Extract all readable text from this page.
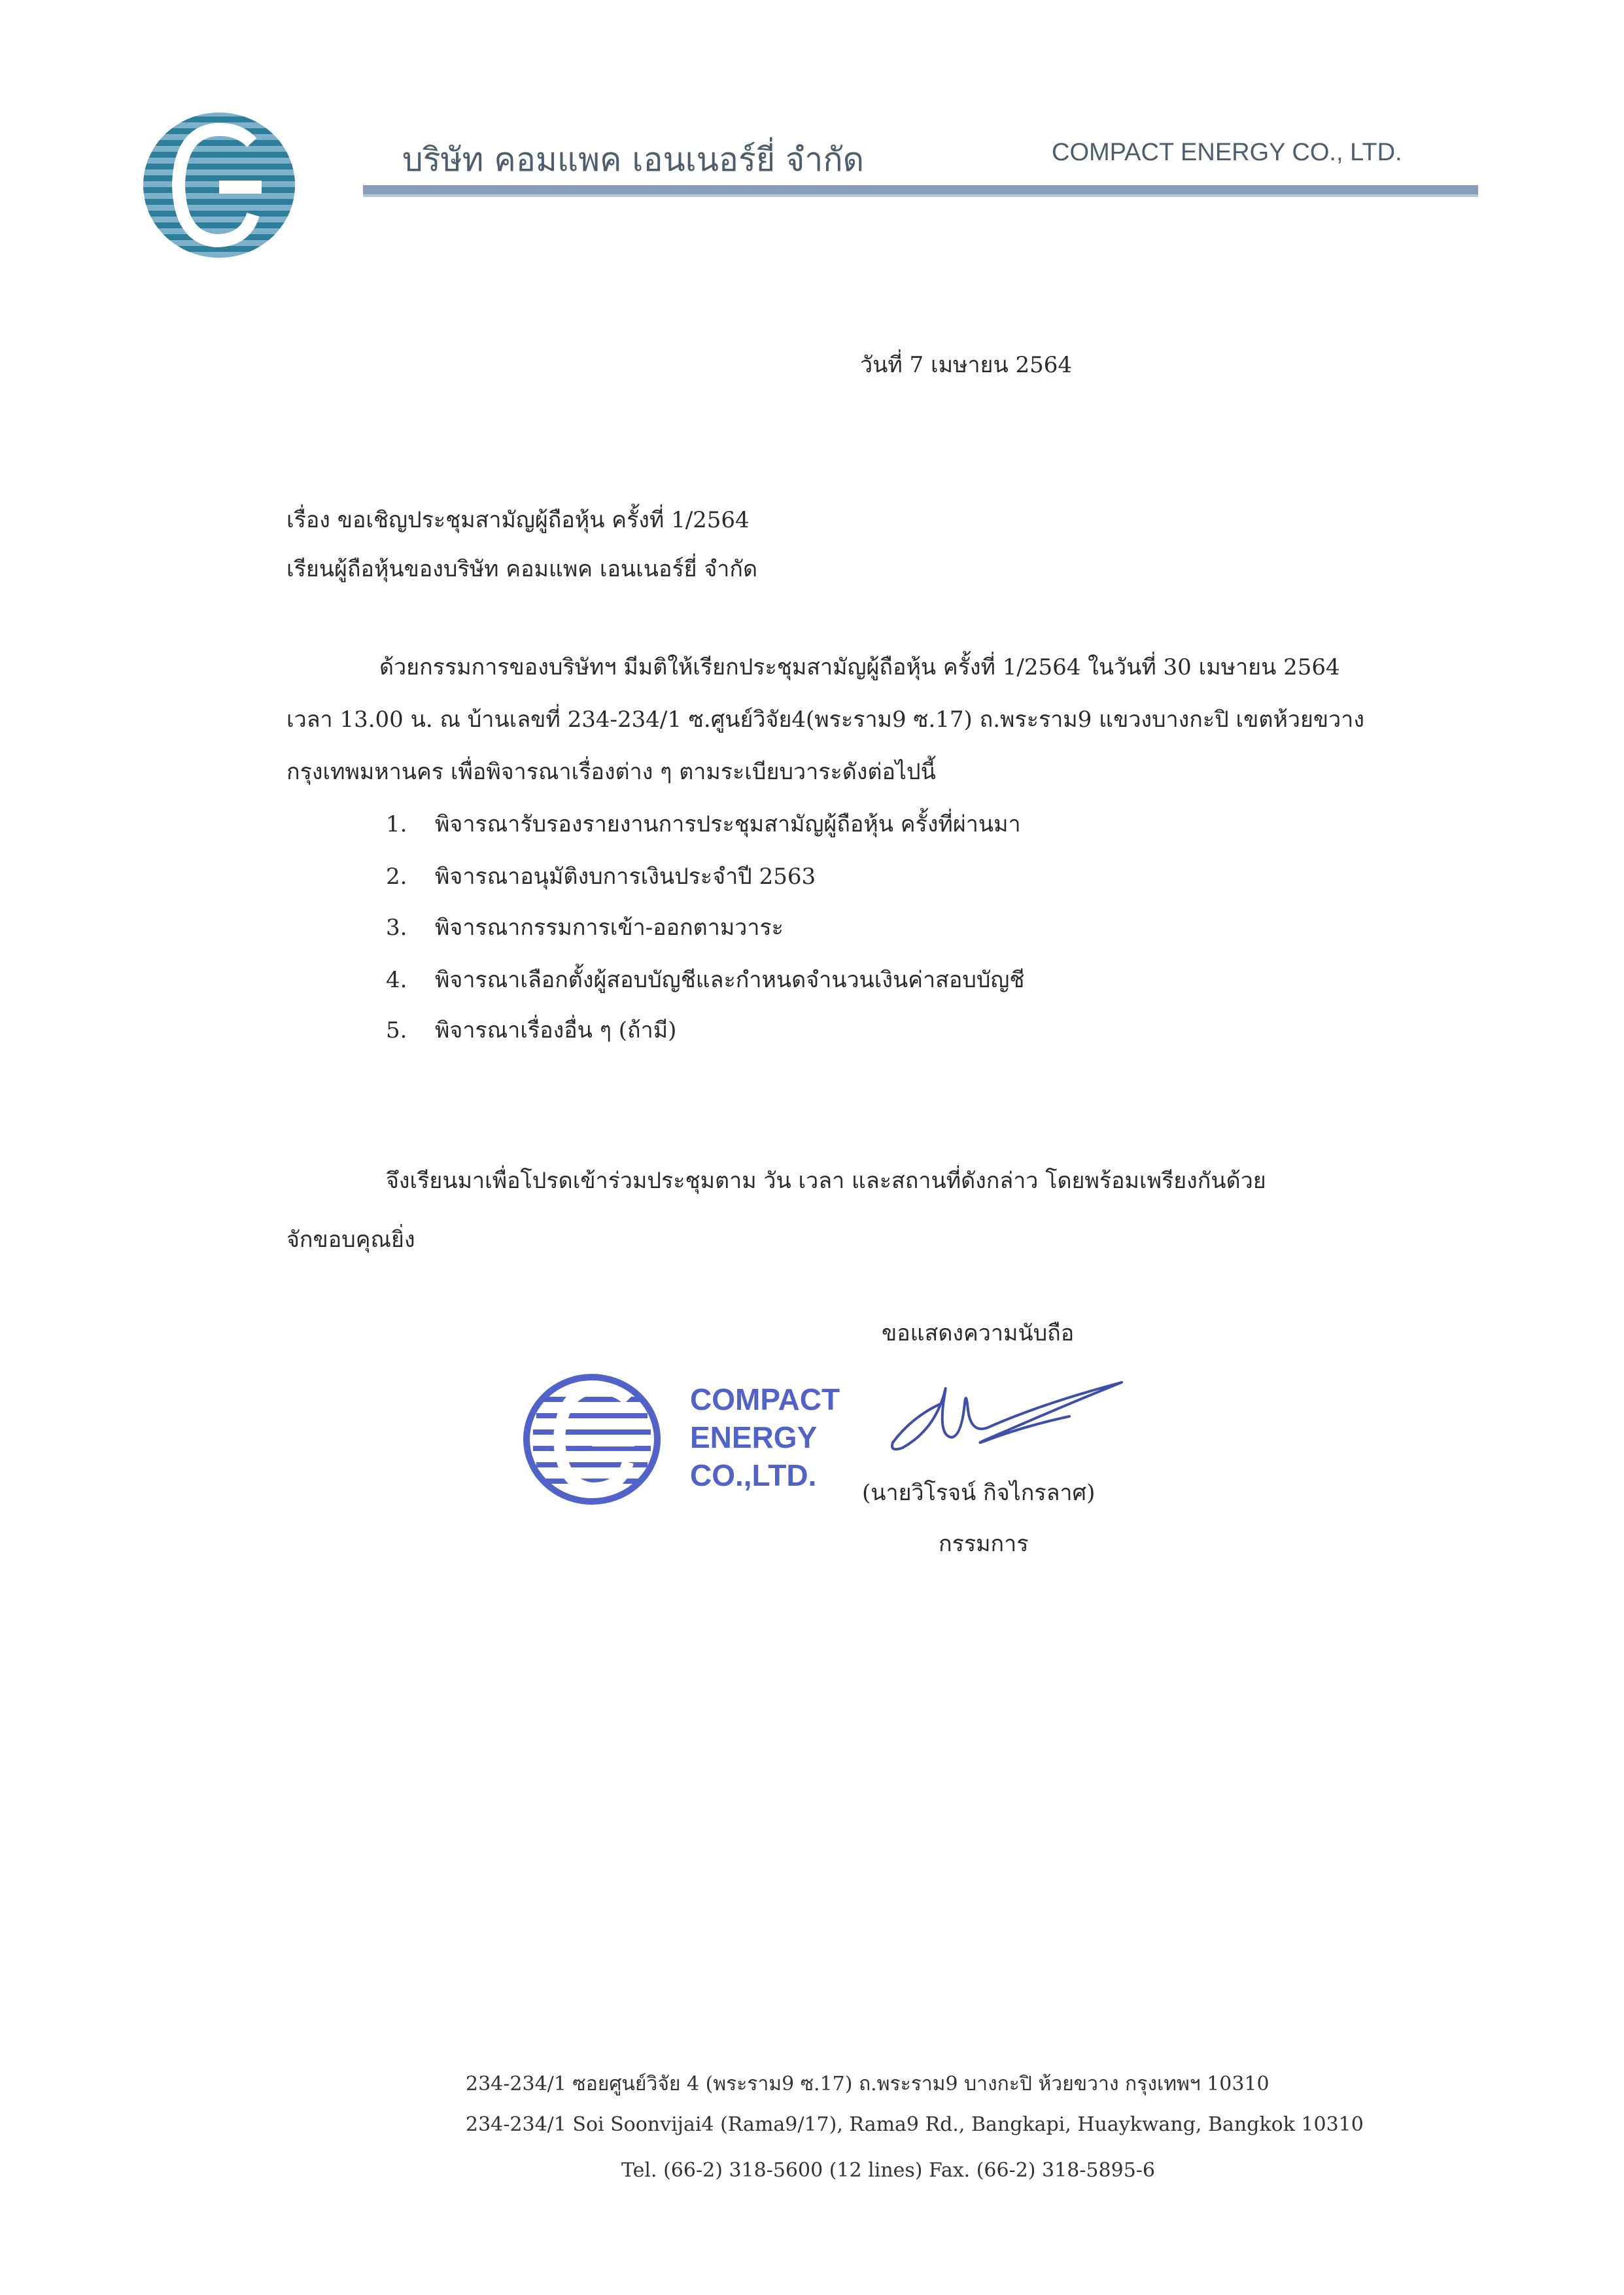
บริษัท คอมแพค เอนเนอร์ยี่ จำกัด	COMPACT ENERGY CO., LTD.
วันที่ 7 เมษายน 2564
เรื่อง ขอเชิญประชุมสามัญผู้ถือหุ้น ครั้งที่ 1/2564
เรียนผู้ถือหุ้นของบริษัท คอมแพค เอนเนอร์ยี่ จำกัด
ด้วยกรรมการของบริษัทฯ มีมติให้เรียกประชุมสามัญผู้ถือหุ้น ครั้งที่ 1/2564 ในวันที่ 30 เมษายน 2564
เวลา 13.00 น. ณ บ้านเลขที่ 234-234/1 ซ.ศูนย์วิจัย4(พระราม9 ซ.17) ถ.พระราม9 แขวงบางกะปิ เขตห้วยขวาง
กรุงเทพมหานคร เพื่อพิจารณาเรื่องต่าง ๆ ตามระเบียบวาระดังต่อไปนี้
1. พิจารณารับรองรายงานการประชุมสามัญผู้ถือหุ้น ครั้งที่ผ่านมา
2. พิจารณาอนุมัติงบการเงินประจำปี 2563
3. พิจารณากรรมการเข้า-ออกตามวาระ
4. พิจารณาเลือกตั้งผู้สอบบัญชีและกำหนดจำนวนเงินค่าสอบบัญชี
5. พิจารณาเรื่องอื่น ๆ (ถ้ามี)
จึงเรียนมาเพื่อโปรดเข้าร่วมประชุมตาม วัน เวลา และสถานที่ดังกล่าว โดยพร้อมเพรียงกันด้วย
จักขอบคุณยิ่ง
ขอแสดงความนับถือ
COMPACT
ENERGY
CO.,LTD.
(นายวิโรจน์ กิจไกรลาศ)
กรรมการ
234-234/1 ซอยศูนย์วิจัย 4 (พระราม9 ซ.17) ถ.พระราม9 บางกะปิ ห้วยขวาง กรุงเทพฯ 10310
234-234/1 Soi Soonvijai4 (Rama9/17), Rama9 Rd., Bangkapi, Huaykwang, Bangkok 10310
Tel. (66-2) 318-5600 (12 lines) Fax. (66-2) 318-5895-6
